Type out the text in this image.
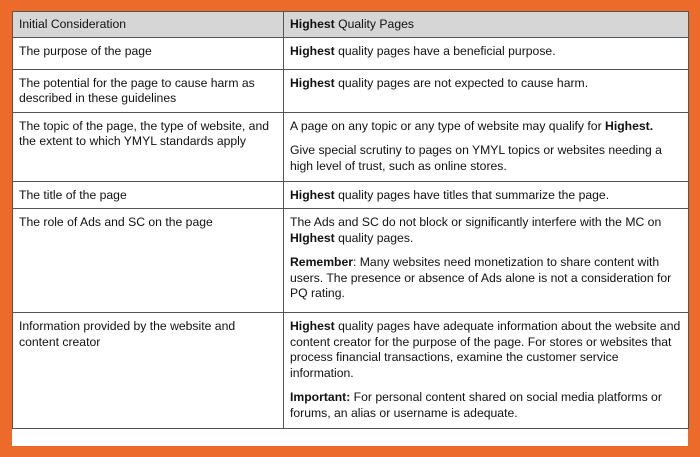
Initial Consideration	Highest Quality Pages
The purpose of the page	Highest quality pages have a beneficial purpose.
The potential for the page to cause harm as described in these guidelines	Highest quality pages are not expected to cause harm.
The topic of the page, the type of website, and the extent to which YMYL standards apply	A page on any topic or any type of website may qualify for Highest.
Give special scrutiny to pages on YMYL topics or websites needing a high level of trust, such as online stores.

The title of the page	Highest quality pages have titles that summarize the page.
The role of Ads and SC on the page	The Ads and SC do not block or significantly interfere with the MC on HIghest quality pages.
Remember: Many websites need monetization to share content with users. The presence or absence of Ads alone is not a consideration for PQ rating.

Information provided by the website and content creator	Highest quality pages have adequate information about the website and content creator for the purpose of the page. For stores or websites that process financial transactions, examine the customer service information.
Important: For personal content shared on social media platforms or forums, an alias or username is adequate.
